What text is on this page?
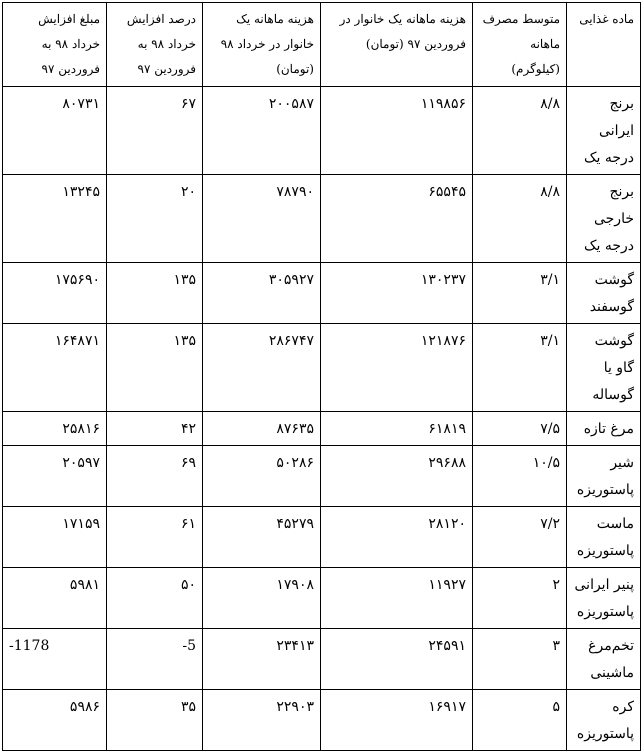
ماده غذایی	متوسط مصرف ماهانه (کیلوگرم)	هزینه ماهانه یک خانوار در فروردین ۹۷ (تومان)	هزینه ماهانه یک خانوار در خرداد ۹۸ (تومان)	درصد افزایش خرداد ۹۸ به فروردین ۹۷	مبلغ افزایش خرداد ۹۸ به فروردین ۹۷
برنج ایرانی درجه یک	۸/۸	۱۱۹۸۵۶	۲۰۰۵۸۷	۶۷	۸۰۷۳۱
برنج خارجی درجه یک	۸/۸	۶۵۵۴۵	۷۸۷۹۰	۲۰	۱۳۲۴۵
گوشت گوسفند	۳/۱	۱۳۰۲۳۷	۳۰۵۹۲۷	۱۳۵	۱۷۵۶۹۰
گوشت گاو یا گوساله	۳/۱	۱۲۱۸۷۶	۲۸۶۷۴۷	۱۳۵	۱۶۴۸۷۱
مرغ تازه	۷/۵	۶۱۸۱۹	۸۷۶۳۵	۴۲	۲۵۸۱۶
شیر پاستوریزه	۱۰/۵	۲۹۶۸۸	۵۰۲۸۶	۶۹	۲۰۵۹۷
ماست پاستوریزه	۷/۲	۲۸۱۲۰	۴۵۲۷۹	۶۱	۱۷۱۵۹
پنیر ایرانی پاستوریزه	۲	۱۱۹۲۷	۱۷۹۰۸	۵۰	۵۹۸۱
تخم‌مرغ ماشینی	۳	۲۴۵۹۱	۲۳۴۱۳	-5	-1178
کره پاستوریزه	۵	۱۶۹۱۷	۲۲۹۰۳	۳۵	۵۹۸۶
